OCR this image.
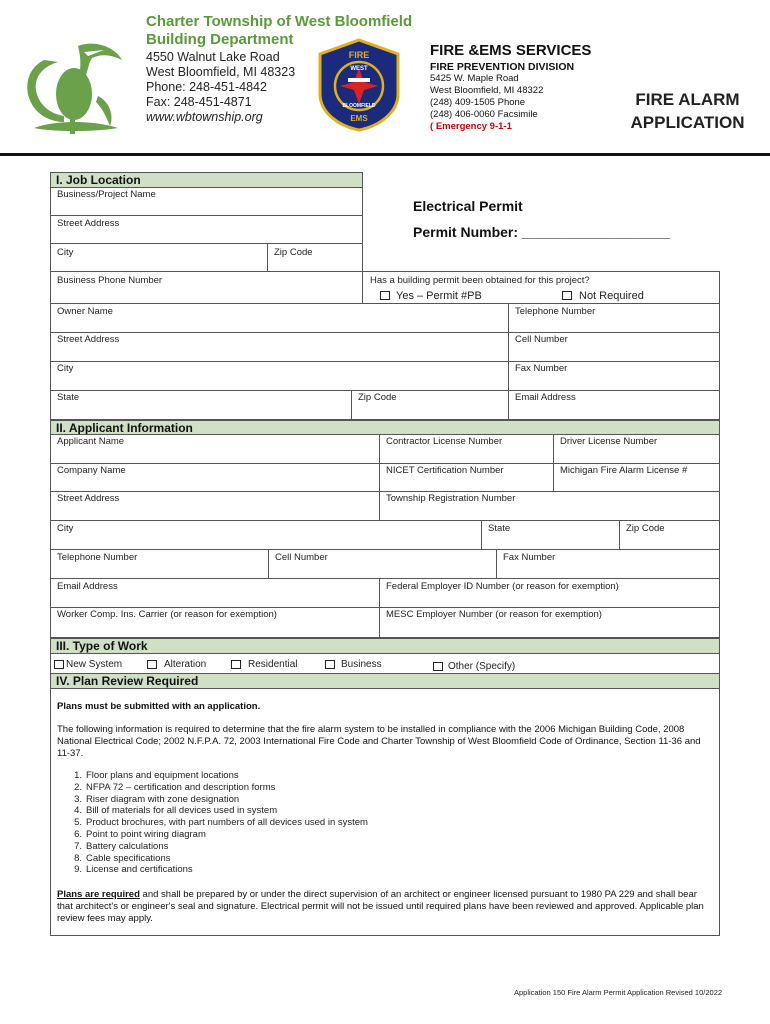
Charter Township of West Bloomfield
Building Department
4550 Walnut Lake Road
West Bloomfield, MI 48323
Phone: 248-451-4842
Fax: 248-451-4871
www.wbtownship.org
FIRE
WEST
BLOOMFIELD
EMS
FIRE &EMS SERVICES
FIRE PREVENTION DIVISION
5425 W. Maple Road
West Bloomfield, MI 48322
(248) 409-1505 Phone
(248) 406-0060 Facsimile
( Emergency 9-1-1
FIRE ALARM
APPLICATION
I. Job Location
Business/Project Name
Street Address
City	Zip Code
Business Phone Number
Electrical Permit
Permit Number: ___________________
Has a building permit been obtained for this project?
Yes – Permit #PB	Not Required
Owner Name	Telephone Number
Street Address	Cell Number
City	Fax Number
State	Zip Code	Email Address
II. Applicant Information
Applicant Name	Contractor License Number	Driver License Number
Company Name	NICET Certification Number	Michigan Fire Alarm License #
Street Address	Township Registration Number
City	State	Zip Code
Telephone Number	Cell Number	Fax Number
Email Address	Federal Employer ID Number (or reason for exemption)
Worker Comp. Ins. Carrier (or reason for exemption)	MESC Employer Number (or reason for exemption)
III. Type of Work
New System	Alteration	Residential	Business	Other (Specify)
IV. Plan Review Required
Plans must be submitted with an application.
The following information is required to determine that the fire alarm system to be installed in compliance with the 2006 Michigan Building Code, 2008 National Electrical Code; 2002 N.F.P.A. 72, 2003 International Fire Code and Charter Township of West Bloomfield Code of Ordinance, Section 11-36 and 11-37.
1. Floor plans and equipment locations
2. NFPA 72 – certification and description forms
3. Riser diagram with zone designation
4. Bill of materials for all devices used in system
5. Product brochures, with part numbers of all devices used in system
6. Point to point wiring diagram
7. Battery calculations
8. Cable specifications
9. License and certifications
Plans are required and shall be prepared by or under the direct supervision of an architect or engineer licensed pursuant to 1980 PA 229 and shall bear that architect's or engineer's seal and signature. Electrical permit will not be issued until required plans have been reviewed and approved. Applicable plan review fees may apply.
Application 150 Fire Alarm Permit Application Revised 10/2022
